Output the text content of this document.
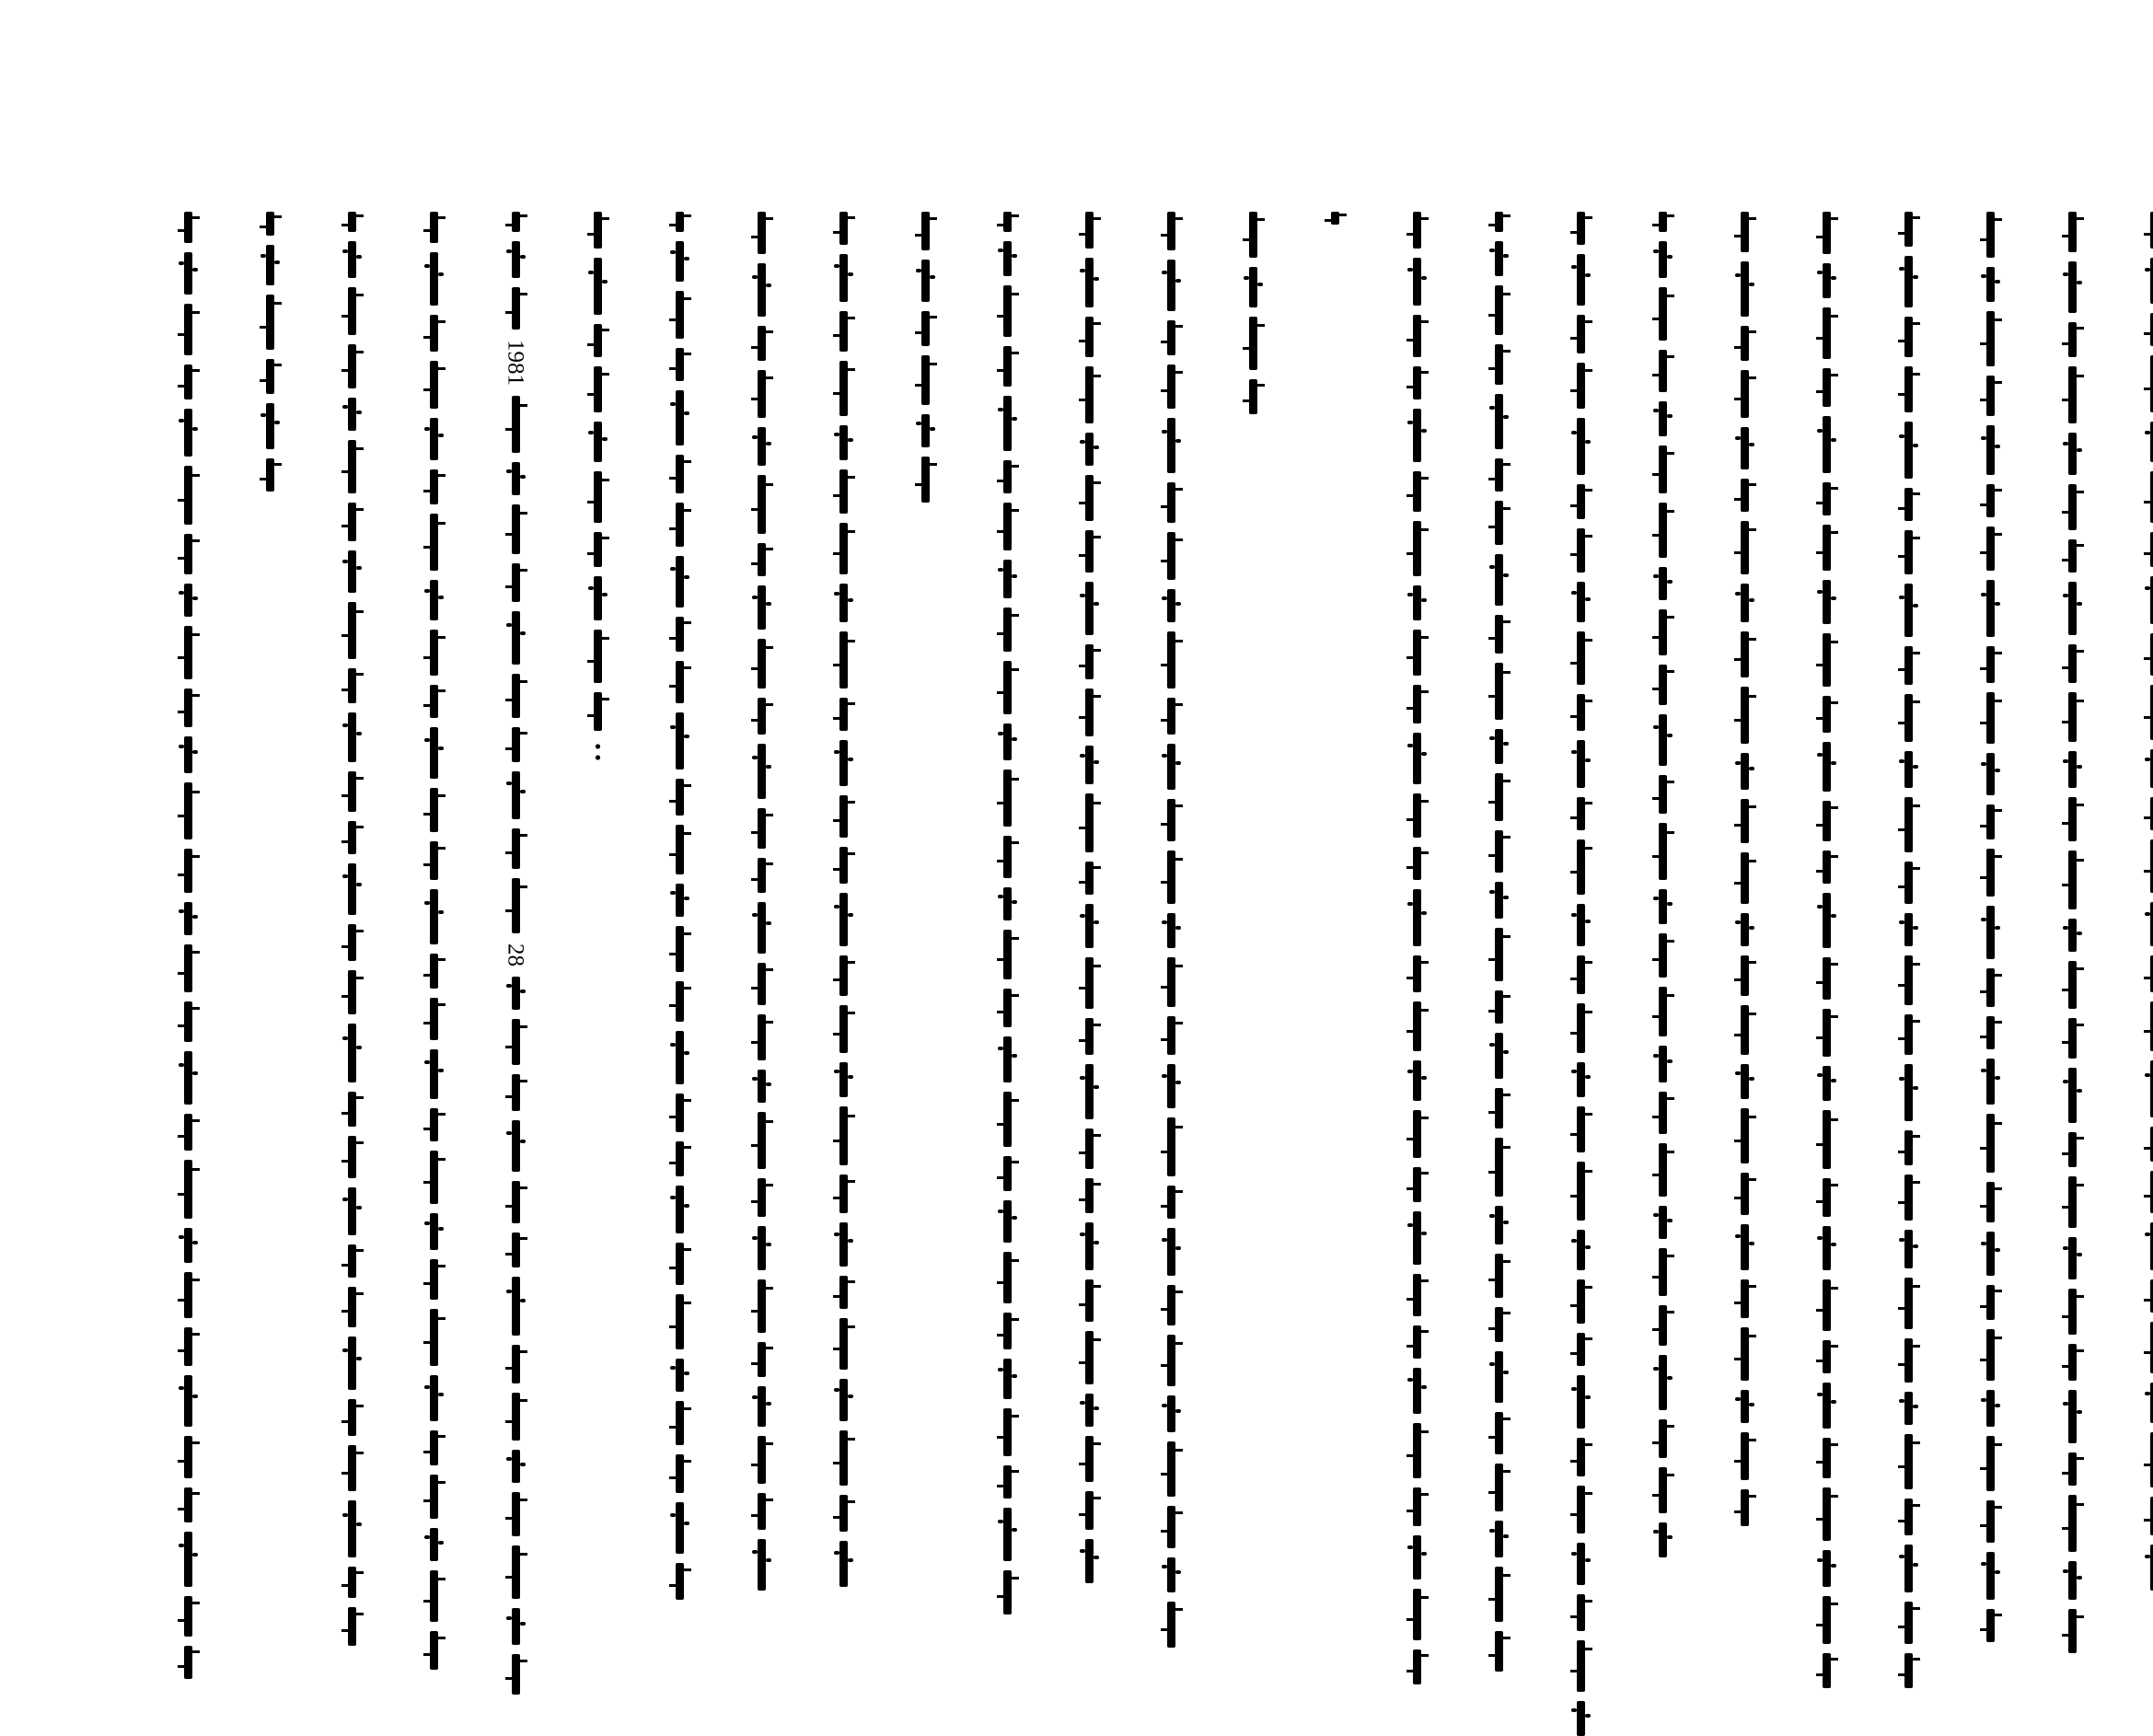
1981
28
